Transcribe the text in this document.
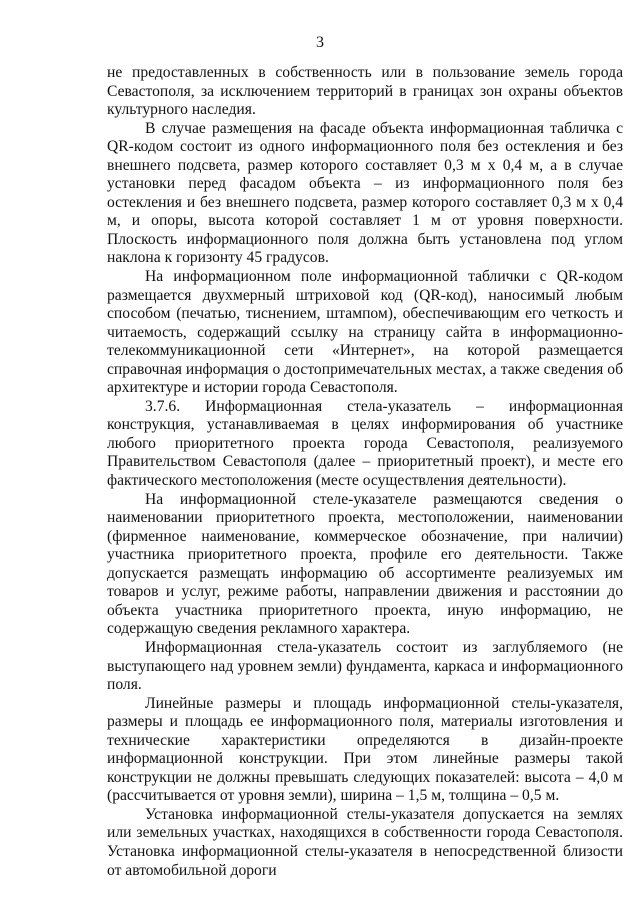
3

не предоставленных в собственность или в пользование земель города Севастополя, за исключением территорий в границах зон охраны объектов культурного наследия.

В случае размещения на фасаде объекта информационная табличка с QR-кодом состоит из одного информационного поля без остекления и без внешнего подсвета, размер которого составляет 0,3 м х 0,4 м, а в случае установки перед фасадом объекта – из информационного поля без остекления и без внешнего подсвета, размер которого составляет 0,3 м х 0,4 м, и опоры, высота которой составляет 1 м от уровня поверхности. Плоскость информационного поля должна быть установлена под углом наклона к горизонту 45 градусов.

На информационном поле информационной таблички с QR-кодом размещается двухмерный штриховой код (QR-код), наносимый любым способом (печатью, тиснением, штампом), обеспечивающим его четкость и читаемость, содержащий ссылку на страницу сайта в информационно-телекоммуникационной сети «Интернет», на которой размещается справочная информация о достопримечательных местах, а также сведения об архитектуре и истории города Севастополя.

3.7.6. Информационная стела-указатель – информационная конструкция, устанавливаемая в целях информирования об участнике любого приоритетного проекта города Севастополя, реализуемого Правительством Севастополя (далее – приоритетный проект), и месте его фактического местоположения (месте осуществления деятельности).

На информационной стеле-указателе размещаются сведения о наименовании приоритетного проекта, местоположении, наименовании (фирменное наименование, коммерческое обозначение, при наличии) участника приоритетного проекта, профиле его деятельности. Также допускается размещать информацию об ассортименте реализуемых им товаров и услуг, режиме работы, направлении движения и расстоянии до объекта участника приоритетного проекта, иную информацию, не содержащую сведения рекламного характера.

Информационная стела-указатель состоит из заглубляемого (не выступающего над уровнем земли) фундамента, каркаса и информационного поля.

Линейные размеры и площадь информационной стелы-указателя, размеры и площадь ее информационного поля, материалы изготовления и технические характеристики определяются в дизайн-проекте информационной конструкции. При этом линейные размеры такой конструкции не должны превышать следующих показателей: высота – 4,0 м (рассчитывается от уровня земли), ширина – 1,5 м, толщина – 0,5 м.

Установка информационной стелы-указателя допускается на землях или земельных участках, находящихся в собственности города Севастополя. Установка информационной стелы-указателя в непосредственной близости от автомобильной дороги
